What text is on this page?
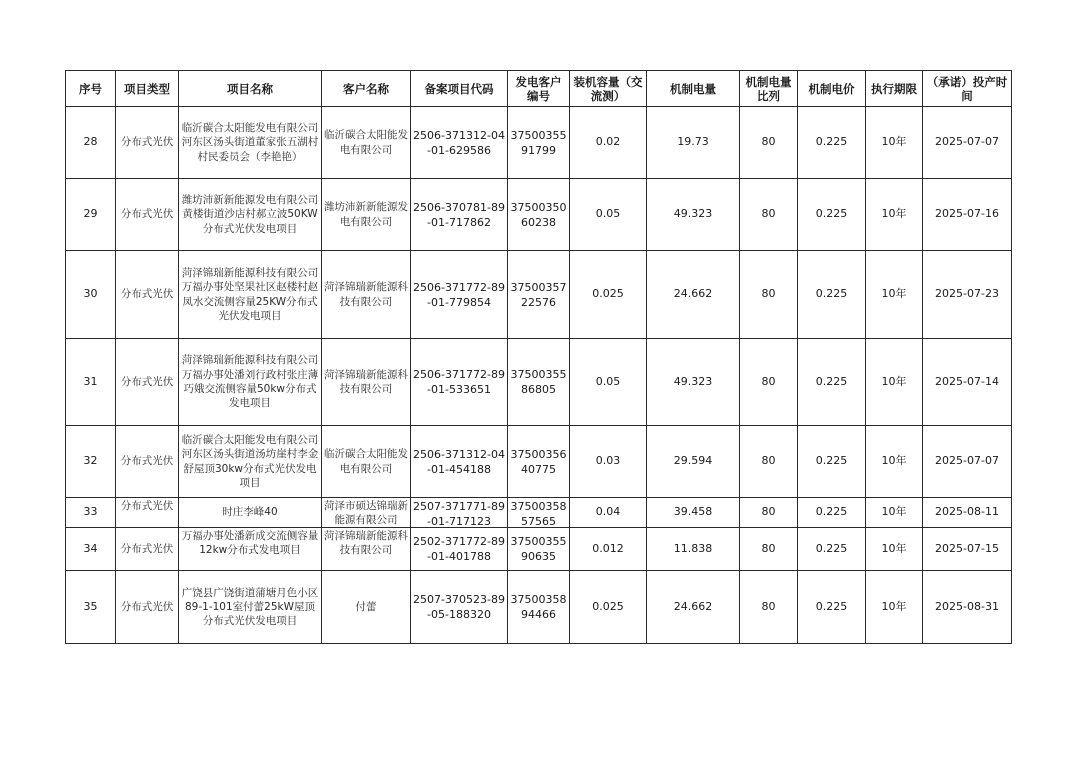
序号	项目类型	项目名称	客户名称	备案项目代码	发电客户编号	装机容量（交流测）	机制电量	机制电量比列	机制电价	执行期限	（承诺）投产时间
28	分布式光伏	临沂碳合太阳能发电有限公司河东区汤头街道董家张五湖村村民委员会（李艳艳）	临沂碳合太阳能发电有限公司	2506-371312-04-01-629586	3750035591799	0.02	19.73	80	0.225	10年	2025-07-07
29	分布式光伏	潍坊沛新新能源发电有限公司黄楼街道沙店村郝立波50KW分布式光伏发电项目	潍坊沛新新能源发电有限公司	2506-370781-89-01-717862	3750035060238	0.05	49.323	80	0.225	10年	2025-07-16
30	分布式光伏	菏泽锦瑞新能源科技有限公司万福办事处坚果社区赵楼村赵凤水交流侧容量25KW分布式光伏发电项目	菏泽锦瑞新能源科技有限公司	2506-371772-89-01-779854	3750035722576	0.025	24.662	80	0.225	10年	2025-07-23
31	分布式光伏	菏泽锦瑞新能源科技有限公司万福办事处潘刘行政村张庄薄巧娥交流侧容量50kw分布式发电项目	菏泽锦瑞新能源科技有限公司	2506-371772-89-01-533651	3750035586805	0.05	49.323	80	0.225	10年	2025-07-14
32	分布式光伏	临沂碳合太阳能发电有限公司河东区汤头街道汤坊崖村李金舒屋顶30kw分布式光伏发电项目	临沂碳合太阳能发电有限公司	2506-371312-04-01-454188	3750035640775	0.03	29.594	80	0.225	10年	2025-07-07
33	分布式光伏	时庄李峰40	菏泽市硕达锦瑞新能源有限公司	2507-371771-89-01-717123	3750035857565	0.04	39.458	80	0.225	10年	2025-08-11
34	分布式光伏	万福办事处潘新成交流侧容量12kw分布式发电项目	菏泽锦瑞新能源科技有限公司	2502-371772-89-01-401788	3750035590635	0.012	11.838	80	0.225	10年	2025-07-15
35	分布式光伏	广饶县广饶街道蒲塘月色小区89-1-101室付蕾25kW屋顶分布式光伏发电项目	付蕾	2507-370523-89-05-188320	3750035894466	0.025	24.662	80	0.225	10年	2025-08-31
